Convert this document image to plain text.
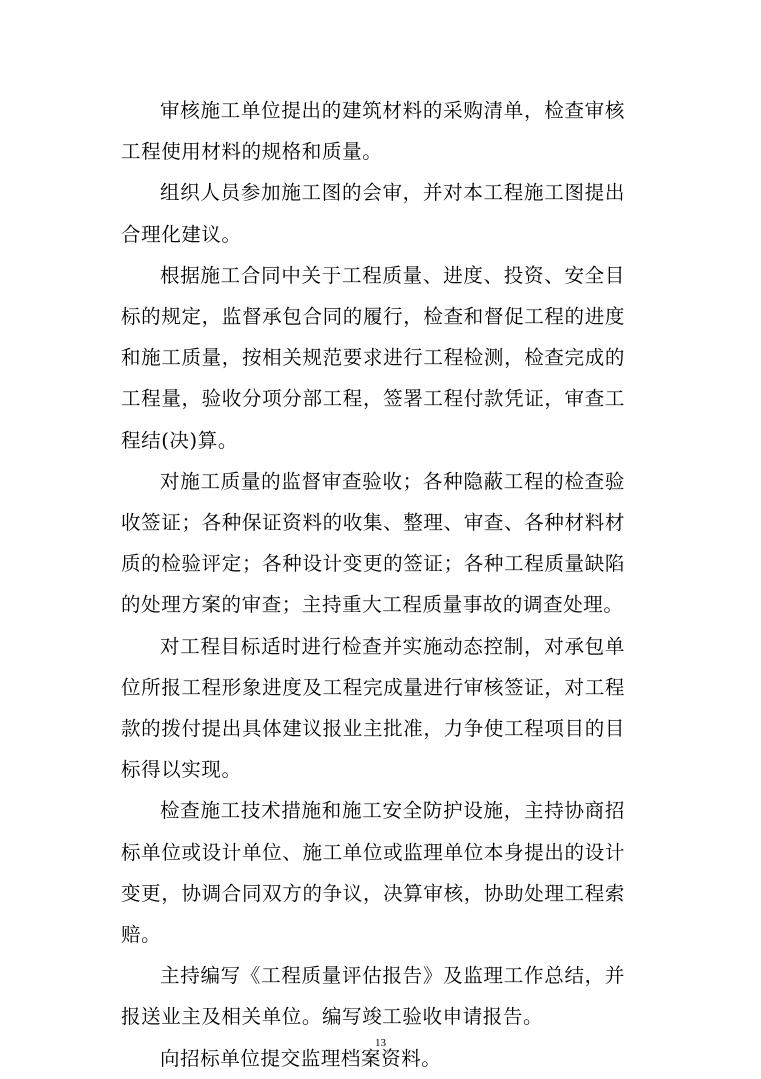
审核施工单位提出的建筑材料的采购清单，检查审核工程使用材料的规格和质量。

组织人员参加施工图的会审，并对本工程施工图提出合理化建议。

根据施工合同中关于工程质量、进度、投资、安全目标的规定，监督承包合同的履行，检查和督促工程的进度和施工质量，按相关规范要求进行工程检测，检查完成的工程量，验收分项分部工程，签署工程付款凭证，审查工程结(决)算。

对施工质量的监督审查验收；各种隐蔽工程的检查验收签证；各种保证资料的收集、整理、审查、各种材料材质的检验评定；各种设计变更的签证；各种工程质量缺陷的处理方案的审查；主持重大工程质量事故的调查处理。

对工程目标适时进行检查并实施动态控制，对承包单位所报工程形象进度及工程完成量进行审核签证，对工程款的拨付提出具体建议报业主批准，力争使工程项目的目标得以实现。

检查施工技术措施和施工安全防护设施，主持协商招标单位或设计单位、施工单位或监理单位本身提出的设计变更，协调合同双方的争议，决算审核，协助处理工程索赔。

主持编写《工程质量评估报告》及监理工作总结，并报送业主及相关单位。编写竣工验收申请报告。

向招标单位提交监理档案资料。

13
